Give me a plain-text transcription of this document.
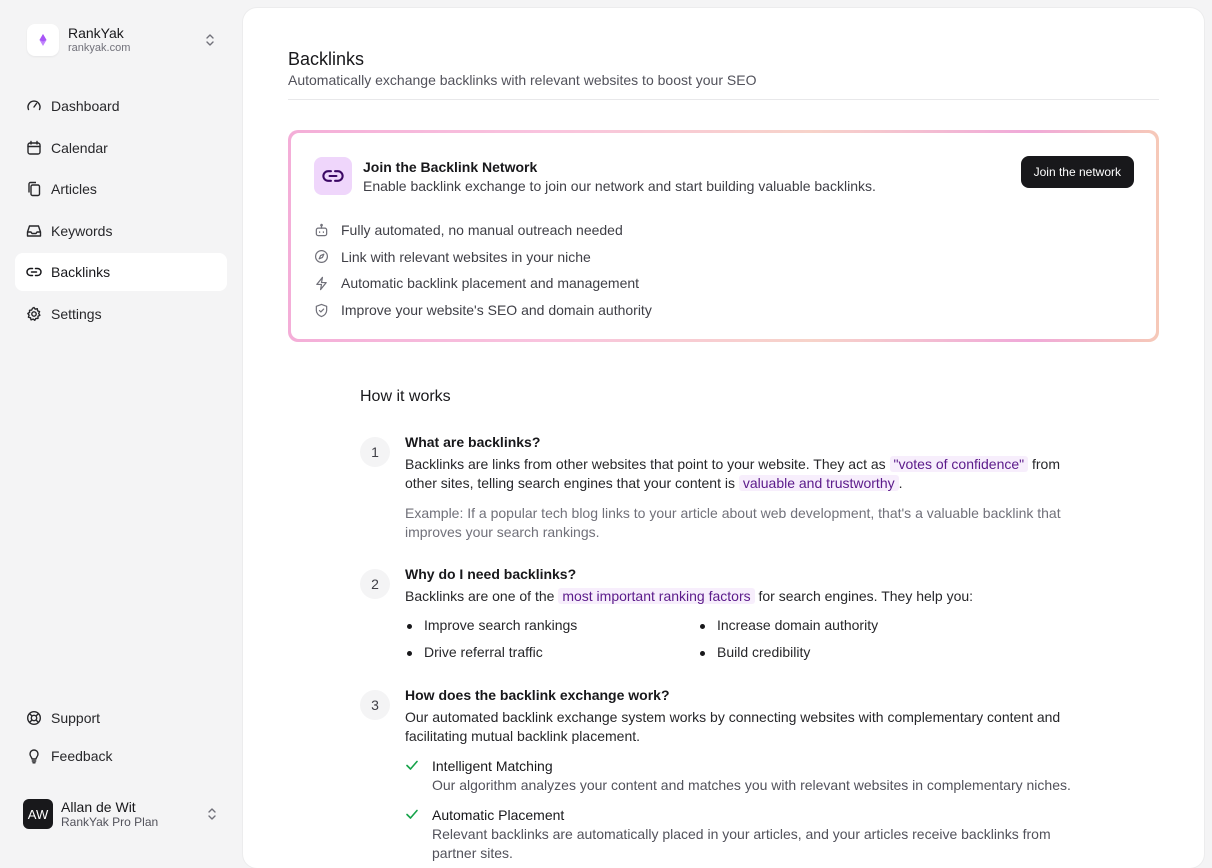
RankYak
rankyak.com
Dashboard
Calendar
Articles
Keywords
Backlinks
Settings
Support
Feedback
AW Allan de Wit
RankYak Pro Plan
Backlinks

Automatically exchange backlinks with relevant websites to boost your SEO

Join the Backlink Network
Enable backlink exchange to join our network and start building valuable backlinks.
Join the network
Fully automated, no manual outreach needed
Link with relevant websites in your niche
Automatic backlink placement and management
Improve your website's SEO and domain authority
How it works
1
What are backlinks?
Backlinks are links from other websites that point to your website. They act as "votes of confidence" from other sites, telling search engines that your content is valuable and trustworthy .
Example: If a popular tech blog links to your article about web development, that's a valuable backlink that improves your search rankings.
2
Why do I need backlinks?
Backlinks are one of the most important ranking factors for search engines. They help you:
Improve search rankings	Increase domain authority
Drive referral traffic	Build credibility
3
How does the backlink exchange work?
Our automated backlink exchange system works by connecting websites with complementary content and facilitating mutual backlink placement.
Intelligent Matching
Our algorithm analyzes your content and matches you with relevant websites in complementary niches.
Automatic Placement
Relevant backlinks are automatically placed in your articles, and your articles receive backlinks from partner sites.
